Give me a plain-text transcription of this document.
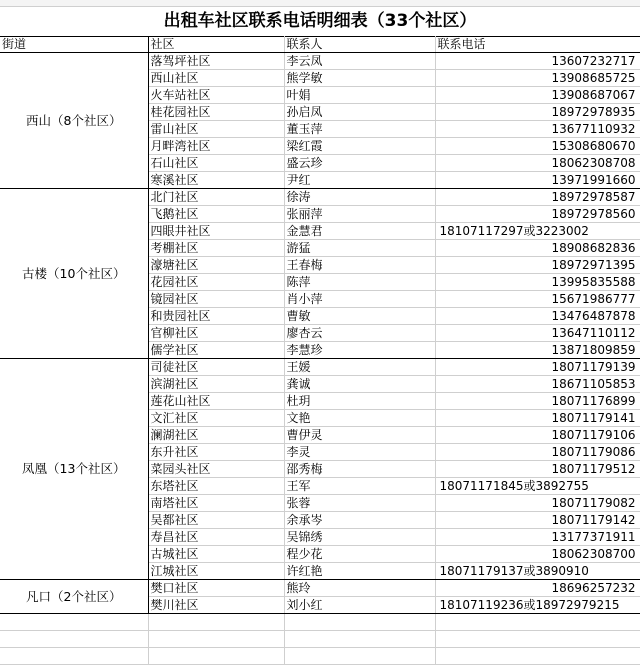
出租车社区联系电话明细表（33个社区）
街道	社区	联系人	联系电话
西山（8个社区）	落驾坪社区	李云凤	13607232717
	西山社区	熊学敏	13908685725
	火车站社区	叶娟	13908687067
	桂花园社区	孙启凤	18972978935
	雷山社区	董玉萍	13677110932
	月畔湾社区	梁红霞	15308680670
	石山社区	盛云珍	18062308708
	寒溪社区	尹红	13971991660
古楼（10个社区）	北门社区	徐涛	18972978587
	飞鹅社区	张丽萍	18972978560
	四眼井社区	金慧君	18107117297或3223002
	考棚社区	游猛	18908682836
	濠塘社区	王春梅	18972971395
	花园社区	陈萍	13995835588
	镜园社区	肖小萍	15671986777
	和贵园社区	曹敏	13476487878
	官柳社区	廖杏云	13647110112
	儒学社区	李慧珍	13871809859
凤凰（13个社区）	司徒社区	王媛	18071179139
	滨湖社区	龚诚	18671105853
	莲花山社区	杜玥	18071176899
	文汇社区	文艳	18071179141
	澜湖社区	曹伊灵	18071179106
	东升社区	李灵	18071179086
	菜园头社区	邵秀梅	18071179512
	东塔社区	王军	18071171845或3892755
	南塔社区	张蓉	18071179082
	吴都社区	余承岑	18071179142
	寿昌社区	吴锦绣	13177371911
	古城社区	程少花	18062308700
	江城社区	许红艳	18071179137或3890910
凡口（2个社区）	樊口社区	熊玲	18696257232
	樊川社区	刘小红	18107119236或18972979215
